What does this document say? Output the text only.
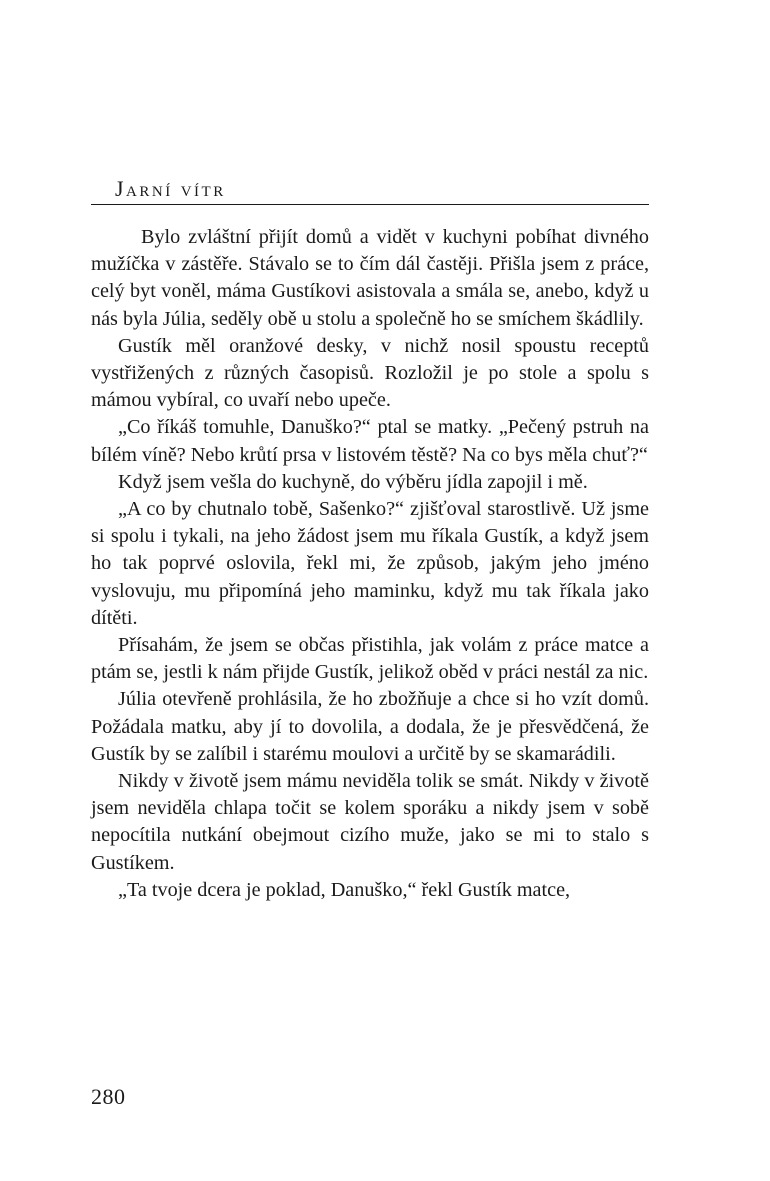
Jarní vítr

Bylo zvláštní přijít domů a vidět v kuchyni pobíhat divného mužíčka v zástěře. Stávalo se to čím dál častěji. Přišla jsem z práce, celý byt voněl, máma Gustíkovi asistovala a smála se, anebo, když u nás byla Júlia, seděly obě u stolu a společně ho se smíchem škádlily.

Gustík měl oranžové desky, v nichž nosil spoustu receptů vystřižených z různých časopisů. Rozložil je po stole a spolu s mámou vybíral, co uvaří nebo upeče.

„Co říkáš tomuhle, Danuško?“ ptal se matky. „Pečený pstruh na bílém víně? Nebo krůtí prsa v listovém těstě? Na co bys měla chuť?“

Když jsem vešla do kuchyně, do výběru jídla zapojil i mě.

„A co by chutnalo tobě, Sašenko?“ zjišťoval starostlivě. Už jsme si spolu i tykali, na jeho žádost jsem mu říkala Gustík, a když jsem ho tak poprvé oslovila, řekl mi, že způsob, jakým jeho jméno vyslovuju, mu připomíná jeho maminku, když mu tak říkala jako dítěti.

Přísahám, že jsem se občas přistihla, jak volám z práce matce a ptám se, jestli k nám přijde Gustík, jelikož oběd v práci nestál za nic.

Júlia otevřeně prohlásila, že ho zbožňuje a chce si ho vzít domů. Požádala matku, aby jí to dovolila, a dodala, že je přesvědčená, že Gustík by se zalíbil i starému moulovi a určitě by se skamarádili.

Nikdy v životě jsem mámu neviděla tolik se smát. Nikdy v životě jsem neviděla chlapa točit se kolem sporáku a nikdy jsem v sobě nepocítila nutkání obejmout cizího muže, jako se mi to stalo s Gustíkem.

„Ta tvoje dcera je poklad, Danuško,“ řekl Gustík matce,

280
